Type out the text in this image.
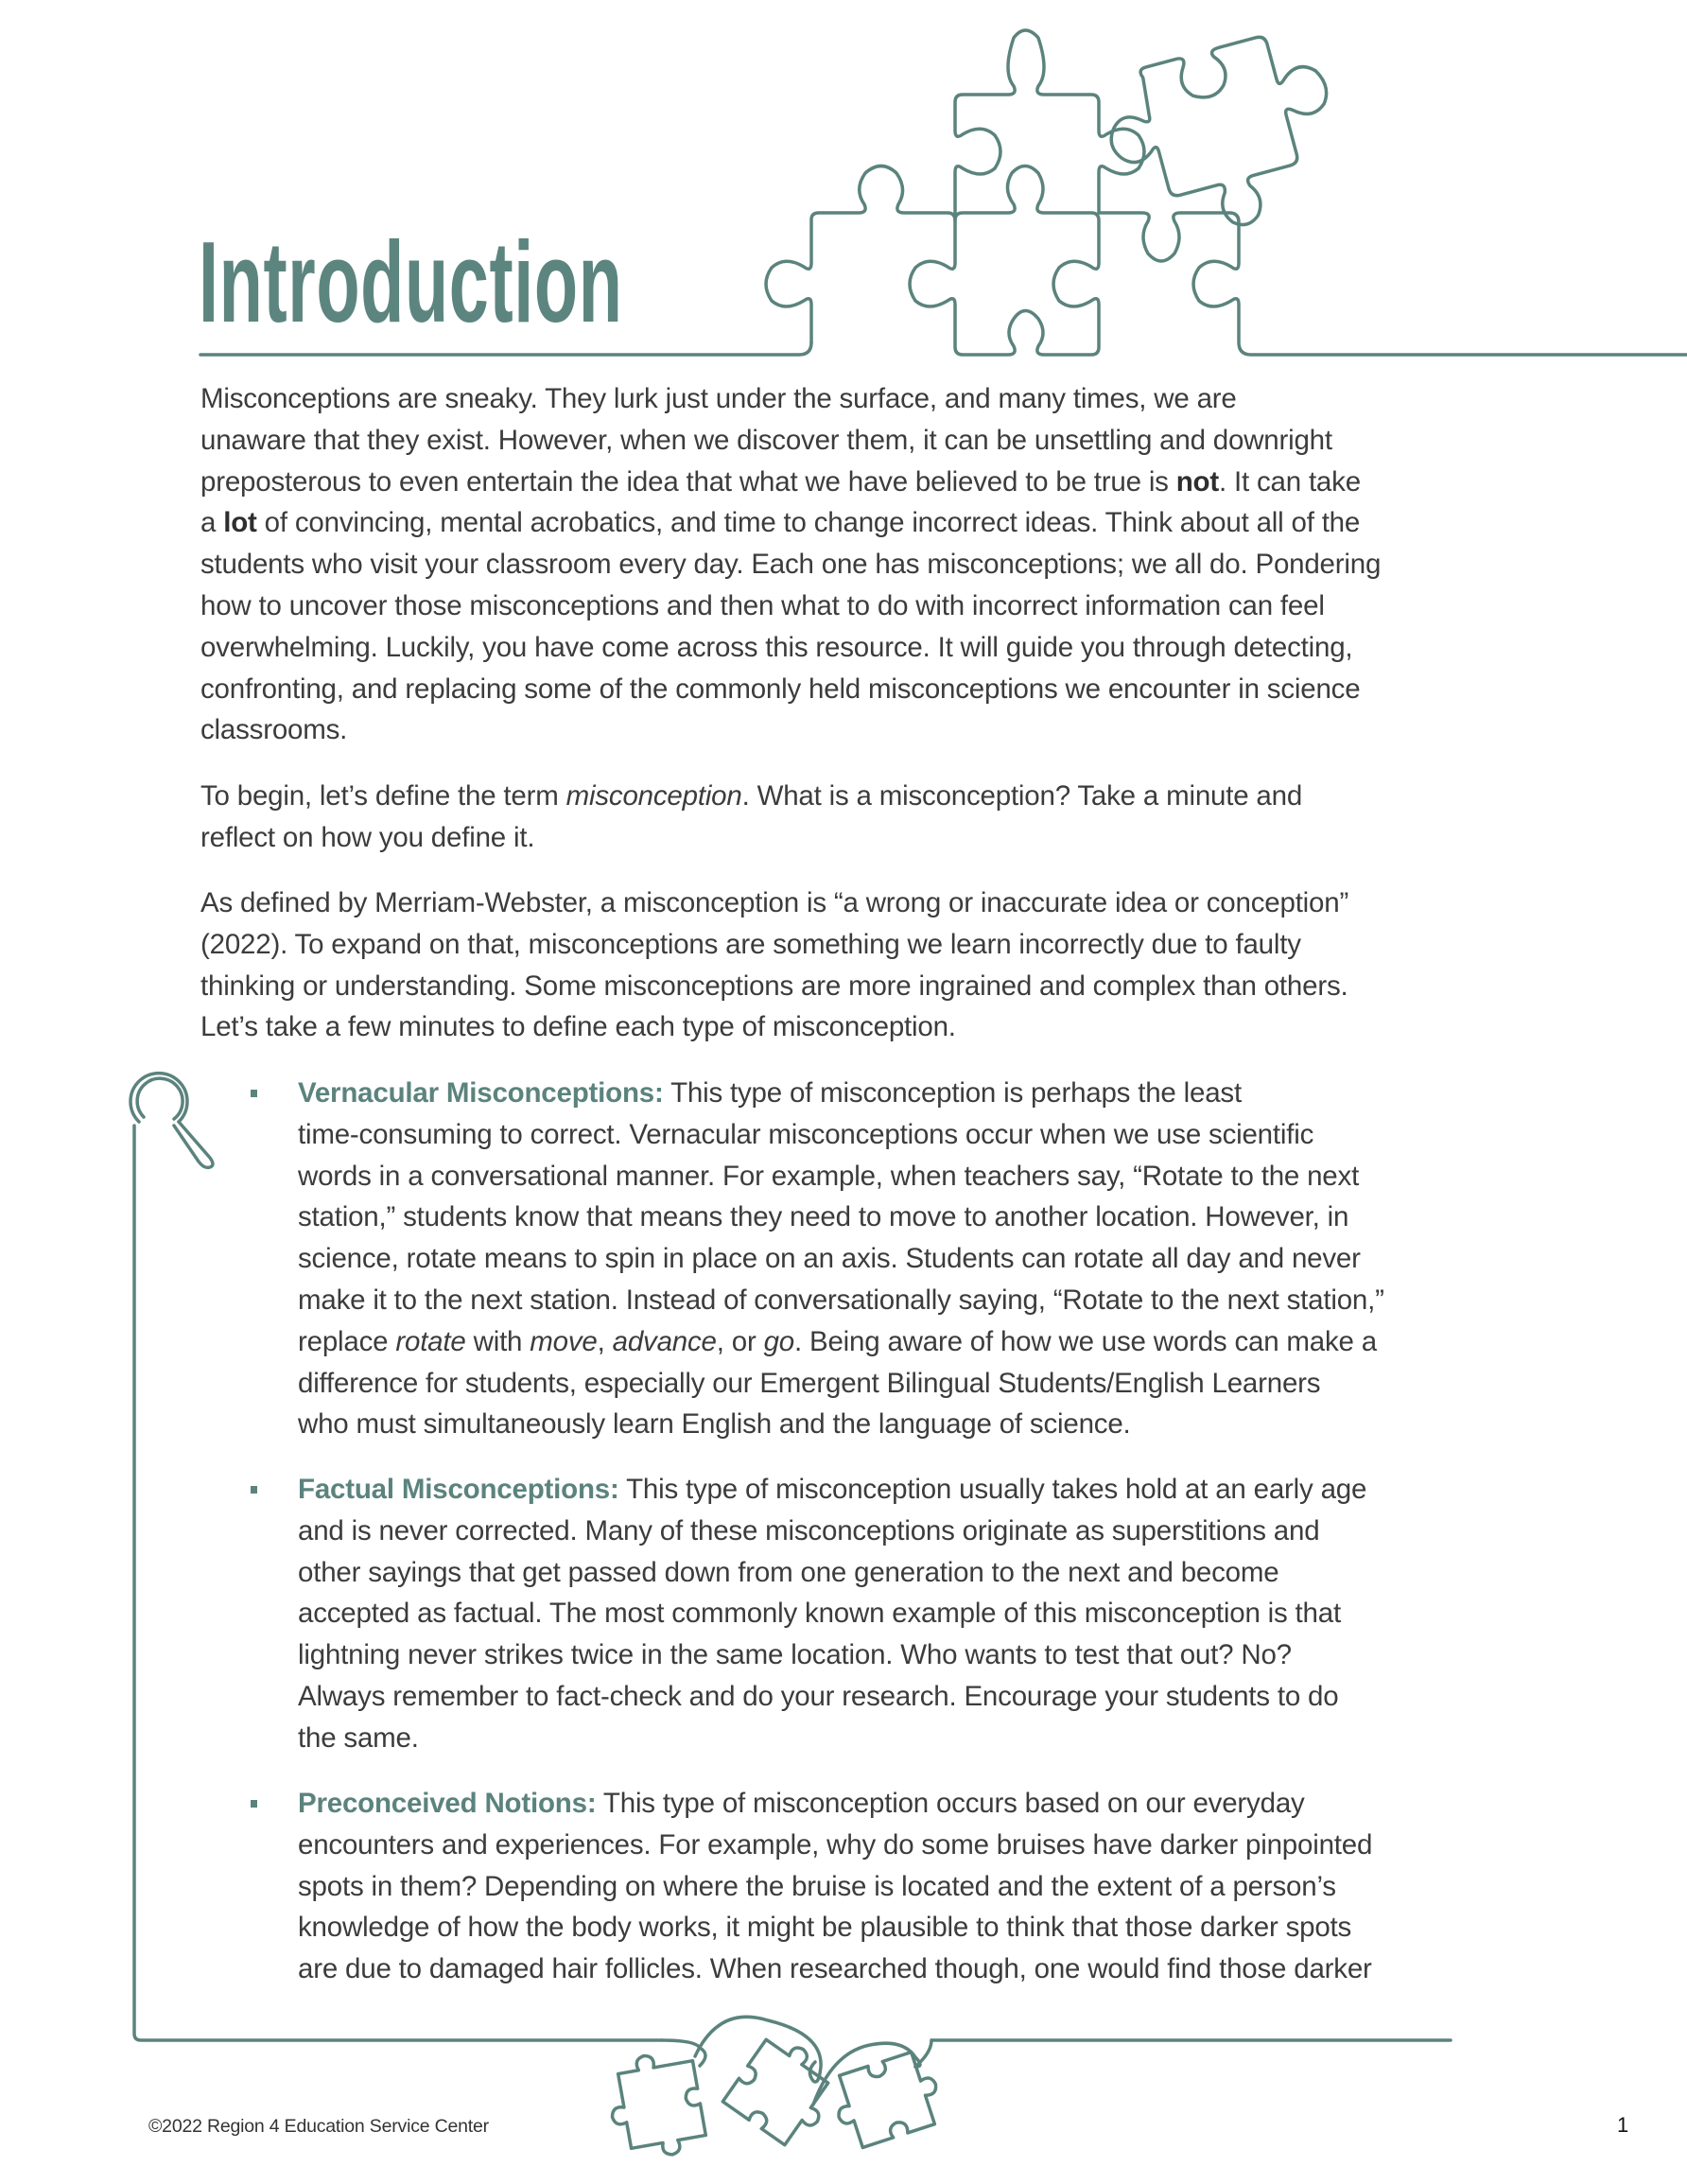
Introduction
Misconceptions are sneaky. They lurk just under the surface, and many times, we are
unaware that they exist. However, when we discover them, it can be unsettling and downright
preposterous to even entertain the idea that what we have believed to be true is not. It can take
a lot of convincing, mental acrobatics, and time to change incorrect ideas. Think about all of the
students who visit your classroom every day. Each one has misconceptions; we all do. Pondering
how to uncover those misconceptions and then what to do with incorrect information can feel
overwhelming. Luckily, you have come across this resource. It will guide you through detecting,
confronting, and replacing some of the commonly held misconceptions we encounter in science
classrooms.
To begin, let’s define the term misconception. What is a misconception? Take a minute and
reflect on how you define it.
As defined by Merriam-Webster, a misconception is “a wrong or inaccurate idea or conception”
(2022). To expand on that, misconceptions are something we learn incorrectly due to faulty
thinking or understanding. Some misconceptions are more ingrained and complex than others.
Let’s take a few minutes to define each type of misconception.
Vernacular Misconceptions: This type of misconception is perhaps the least
time-consuming to correct. Vernacular misconceptions occur when we use scientific
words in a conversational manner. For example, when teachers say, “Rotate to the next
station,” students know that means they need to move to another location. However, in
science, rotate means to spin in place on an axis. Students can rotate all day and never
make it to the next station. Instead of conversationally saying, “Rotate to the next station,”
replace rotate with move, advance, or go. Being aware of how we use words can make a
difference for students, especially our Emergent Bilingual Students/English Learners
who must simultaneously learn English and the language of science.
Factual Misconceptions: This type of misconception usually takes hold at an early age
and is never corrected. Many of these misconceptions originate as superstitions and
other sayings that get passed down from one generation to the next and become
accepted as factual. The most commonly known example of this misconception is that
lightning never strikes twice in the same location. Who wants to test that out? No?
Always remember to fact-check and do your research. Encourage your students to do
the same.
Preconceived Notions: This type of misconception occurs based on our everyday
encounters and experiences. For example, why do some bruises have darker pinpointed
spots in them? Depending on where the bruise is located and the extent of a person’s
knowledge of how the body works, it might be plausible to think that those darker spots
are due to damaged hair follicles. When researched though, one would find those darker
©2022 Region 4 Education Service Center	1
